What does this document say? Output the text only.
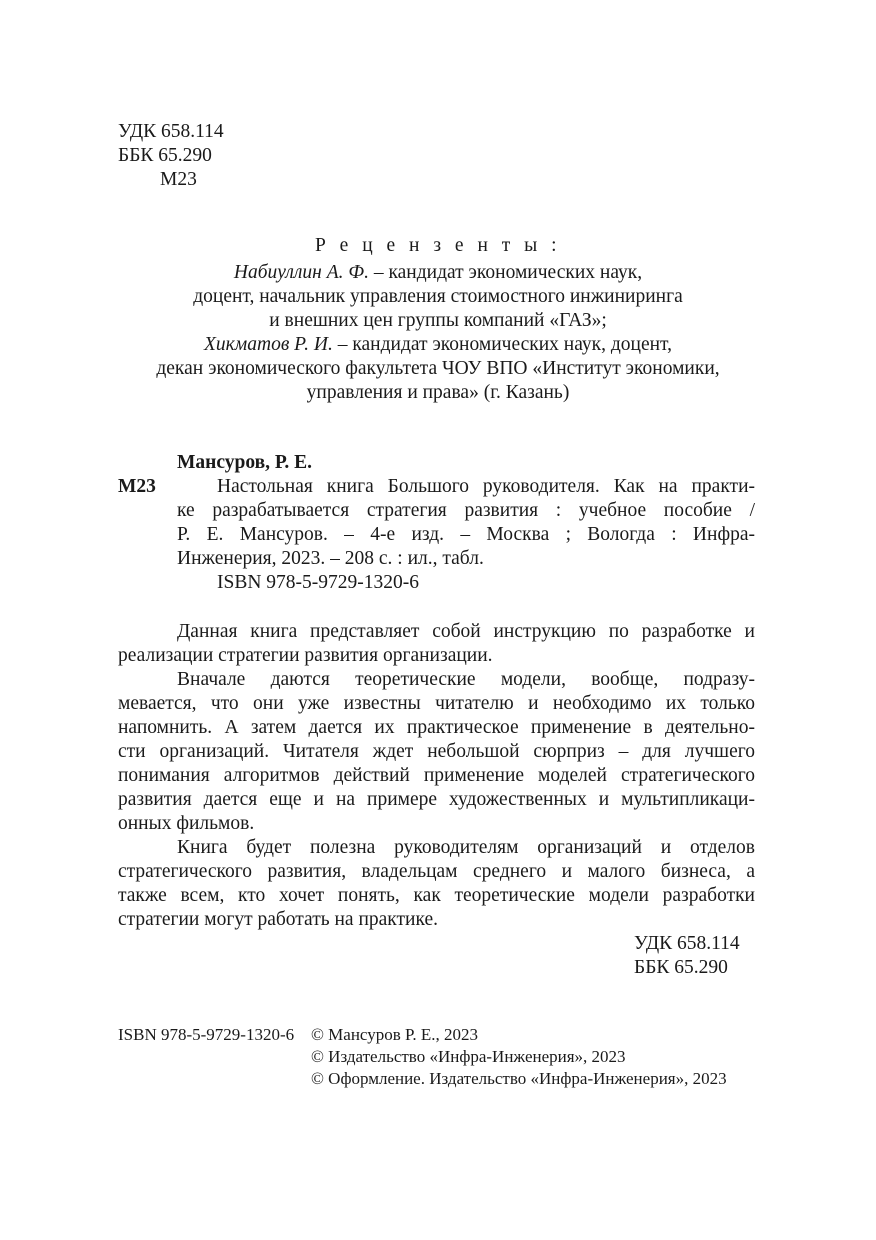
УДК 658.114
ББК 65.290
М23
Р е ц е н з е н т ы :
Набиуллин А. Ф. – кандидат экономических наук,
доцент, начальник управления стоимостного инжиниринга
и внешних цен группы компаний «ГАЗ»;
Хикматов Р. И. – кандидат экономических наук, доцент,
декан экономического факультета ЧОУ ВПО «Институт экономики,
управления и права» (г. Казань)
Мансуров, Р. Е.
М23	Настольная книга Большого руководителя. Как на практи-
ке разрабатывается стратегия развития : учебное пособие /
Р. Е. Мансуров. – 4-е изд. – Москва ; Вологда : Инфра-
Инженерия, 2023. – 208 с. : ил., табл.
ISBN 978-5-9729-1320-6
Данная книга представляет собой инструкцию по разработке и
реализации стратегии развития организации.
Вначале даются теоретические модели, вообще, подразу-
мевается, что они уже известны читателю и необходимо их только
напомнить. А затем дается их практическое применение в деятельно-
сти организаций. Читателя ждет небольшой сюрприз – для лучшего
понимания алгоритмов действий применение моделей стратегического
развития дается еще и на примере художественных и мультипликаци-
онных фильмов.
Книга будет полезна руководителям организаций и отделов
стратегического развития, владельцам среднего и малого бизнеса, а
также всем, кто хочет понять, как теоретические модели разработки
стратегии могут работать на практике.
УДК 658.114
ББК 65.290
ISBN 978-5-9729-1320-6 © Мансуров Р. Е., 2023
© Издательство «Инфра-Инженерия», 2023
© Оформление. Издательство «Инфра-Инженерия», 2023
